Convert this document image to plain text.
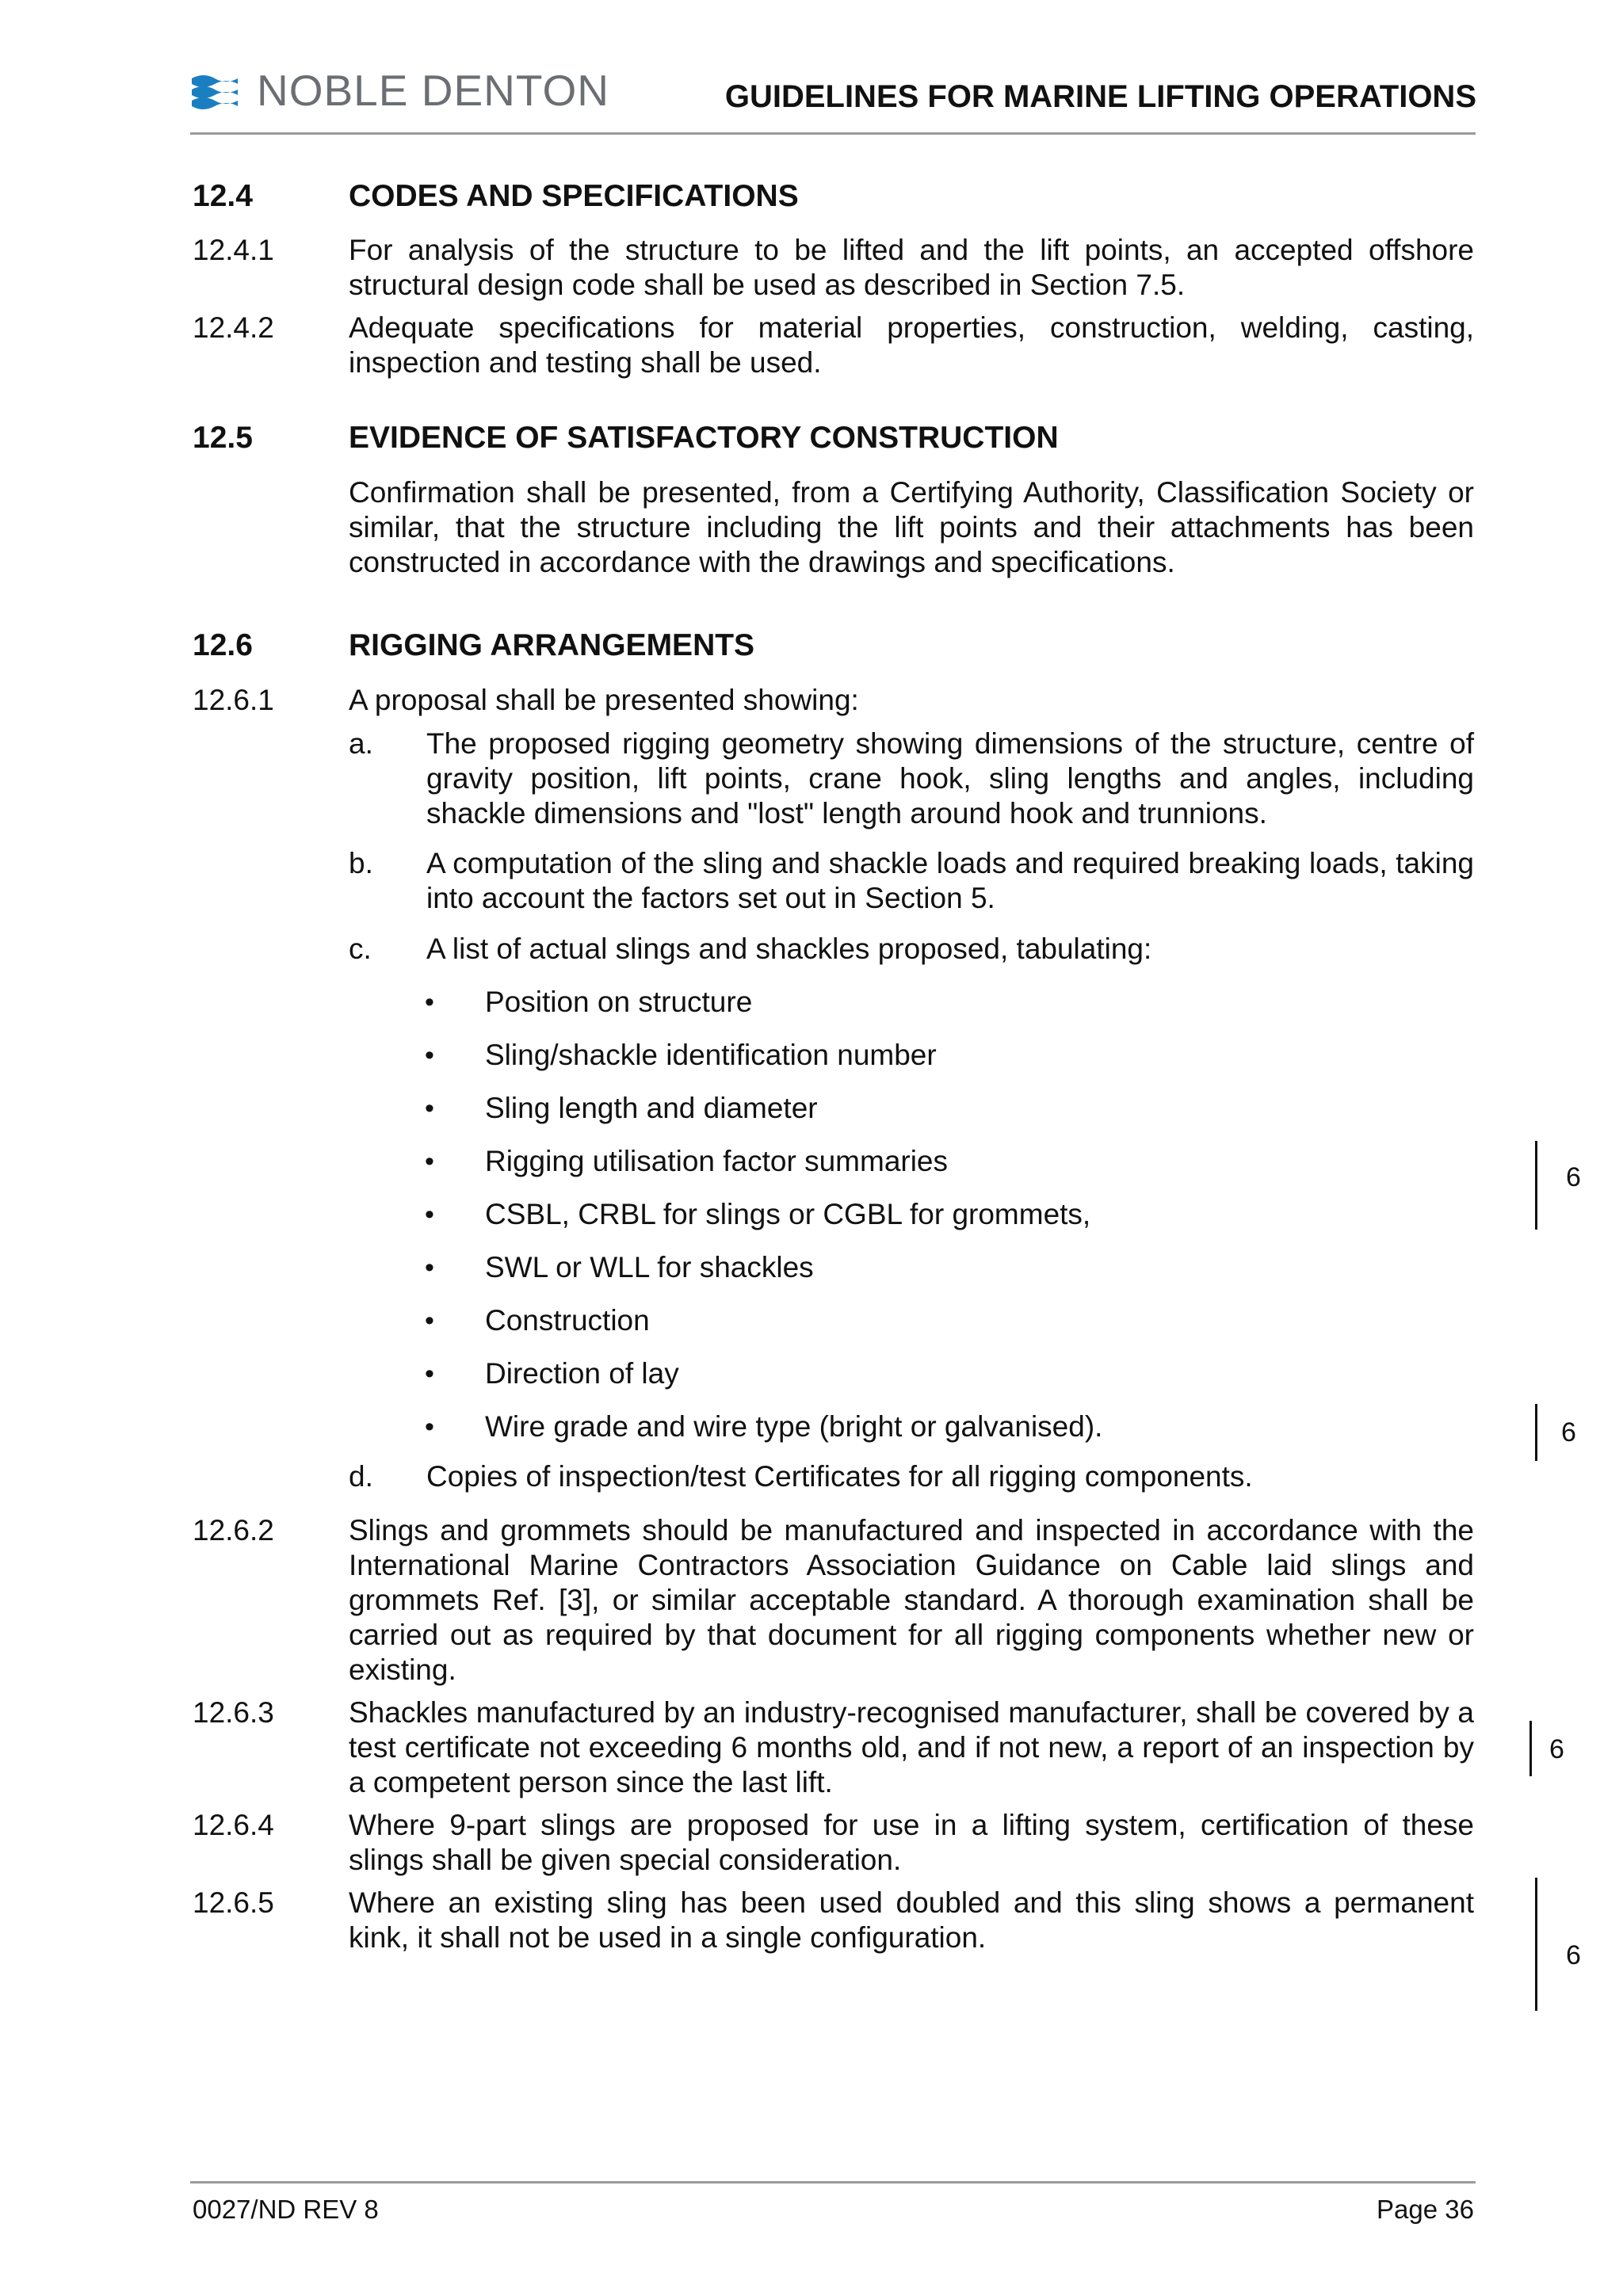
NOBLE DENTON	GUIDELINES FOR MARINE LIFTING OPERATIONS
12.4	CODES AND SPECIFICATIONS
12.4.1	For analysis of the structure to be lifted and the lift points, an accepted offshore structural design code shall be used as described in Section 7.5.
12.4.2	Adequate specifications for material properties, construction, welding, casting, inspection and testing shall be used.
12.5	EVIDENCE OF SATISFACTORY CONSTRUCTION
Confirmation shall be presented, from a Certifying Authority, Classification Society or similar, that the structure including the lift points and their attachments has been constructed in accordance with the drawings and specifications.
12.6	RIGGING ARRANGEMENTS
12.6.1	A proposal shall be presented showing:
a. The proposed rigging geometry showing dimensions of the structure, centre of gravity position, lift points, crane hook, sling lengths and angles, including shackle dimensions and "lost" length around hook and trunnions.
b. A computation of the sling and shackle loads and required breaking loads, taking into account the factors set out in Section 5.
c. A list of actual slings and shackles proposed, tabulating:
• Position on structure
• Sling/shackle identification number
• Sling length and diameter
• Rigging utilisation factor summaries
• CSBL, CRBL for slings or CGBL for grommets,
• SWL or WLL for shackles
• Construction
• Direction of lay
• Wire grade and wire type (bright or galvanised).
d. Copies of inspection/test Certificates for all rigging components.
12.6.2	Slings and grommets should be manufactured and inspected in accordance with the International Marine Contractors Association Guidance on Cable laid slings and grommets Ref. [3], or similar acceptable standard. A thorough examination shall be carried out as required by that document for all rigging components whether new or existing.
12.6.3	Shackles manufactured by an industry-recognised manufacturer, shall be covered by a test certificate not exceeding 6 months old, and if not new, a report of an inspection by a competent person since the last lift.
12.6.4	Where 9-part slings are proposed for use in a lifting system, certification of these slings shall be given special consideration.
12.6.5	Where an existing sling has been used doubled and this sling shows a permanent kink, it shall not be used in a single configuration.
6
6
6
6
0027/ND REV 8	Page 36
